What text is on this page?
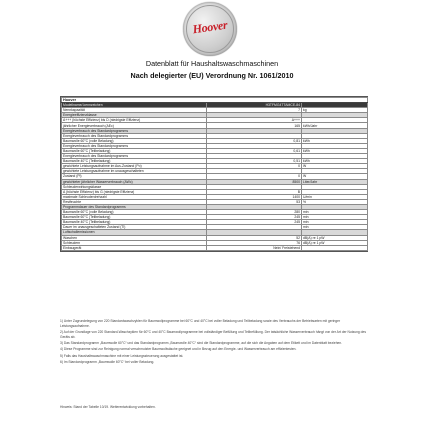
Hoover
Datenblatt für Haushaltswaschmaschinen
Nach delegierter (EU) Verordnung Nr. 1061/2010
Hoover		
Modellname/-kennzeichen	H3TFMG4TTAMCE-84	
Nennkapazität	7	kg
Energieeffizienzklasse		
A+++ (höchste Effizienz) bis D (niedrigste Effizienz)	A+++	
jährlicher Energieverbrauch (AEc)	165	kWh/Jahr
Energieverbrauch des Standardprogramms		
Energieverbrauch des Standardprogramms		
Baumwolle 60°C (volle Beladung)	0,81	kWh
Energieverbrauch des Standardprogramms		
Baumwolle 60°C (Teilbeladung)	0,61	kWh
Energieverbrauch des Standardprogramms		
Baumwolle 40°C (Teilbeladung)	0,51	kWh
gewichtete Leistungsaufnahme im Aus-Zustand (Po)	0	W
gewichtete Leistungsaufnahme im unausgeschalteten		
Zustand (Pl)	0	W
gewichteter jährlicher Wasserverbrauch (AWc)	8500	Liter/Jahr
Schleuderwirkungsklasse		
A (höchste Effizienz) bis G (niedrigste Effizienz)	B	
maximale Schleuderdrehzahl	1400	U/min
Restfeuchte	53	%
Programmdauer des Standardprogramms		
Baumwolle 60°C (volle Beladung)	280	min
Baumwolle 60°C (Teilbeladung)	245	min
Baumwolle 40°C (Teilbeladung)	245	min
Dauer im unausgeschalteten Zustand (Tl)		min
Luftschallemissionen		
Waschen	52	dB(A) re 1 pW
Schleudern	76	dB(A) re 1 pW
Einbaugerät	Nein/ Freistehend	

1) Unter Zugrundelegung von 220 Standardwaschzyklen für Baumwollprogramme bei 60°C und 40°C bei voller Beladung und Teilbeladung sowie des Verbrauchs der Betriebsarten mit geringer Leistungsaufnahme.

2) Auf der Grundlage von 220 Standard-Waschzyklen für 60°C und 40°C Baumwollprogramme bei vollständiger Befüllung und Teilbefüllung. Der tatsächliche Wasserverbrauch hängt von der Art der Nutzung des Geräts ab.

3) Das Standardprogramm „Baumwolle 60°C“ und das Standardprogramm „Baumwolle 40°C“ sind die Standardprogramme, auf die sich die Angaben auf dem Etikett und im Datenblatt beziehen.

4) Diese Programme sind zur Reinigung normal verschmutzter Baumwollwäsche geeignet und in Bezug auf den Energie- und Wasserverbrauch am effizientesten.

5) Falls das Haushaltswaschmaschine mit einer Leistungssteuerung ausgestattet ist.

6) Im Standardprogramm „Baumwolle 60°C“ bei voller Beladung.

Hinweis: Stand der Tabelle 10/19. Weiterentwicklung vorbehalten.
